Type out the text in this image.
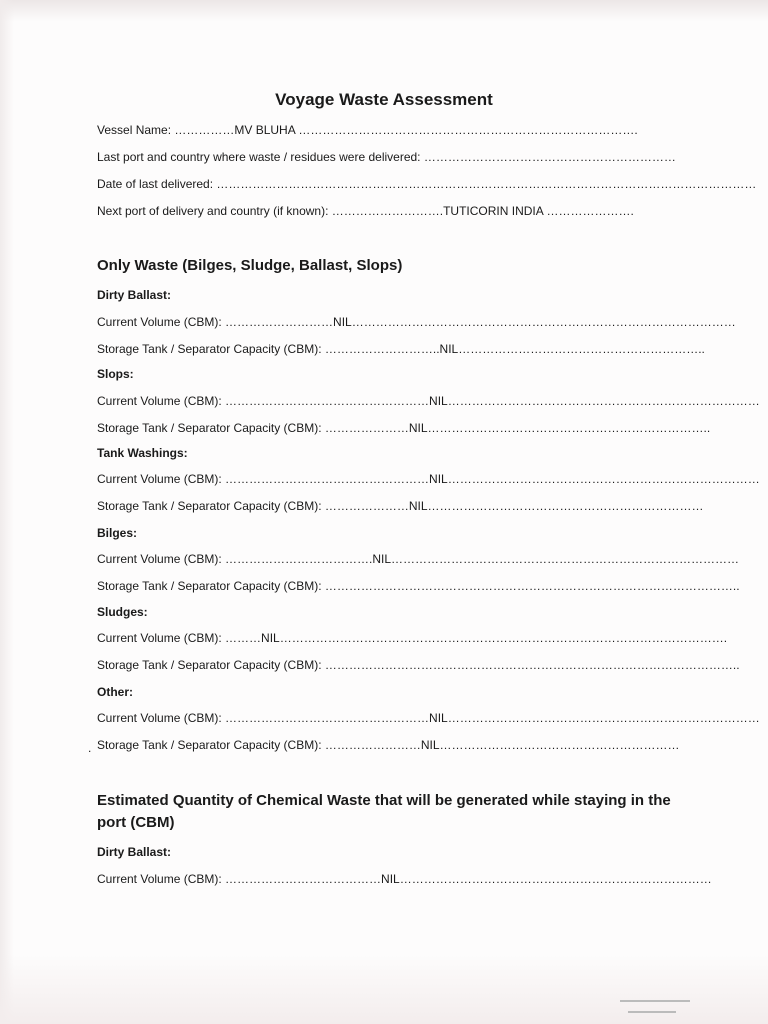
Voyage Waste Assessment
Vessel Name: ……………MV BLUHA ………………………………………………………………………….
Last port and country where waste / residues were delivered: ………………………………………………………
Date of last delivered: ………………………………………………………………………………………………………………………
Next port of delivery and country (if known): ……………………….TUTICORIN INDIA ………………….
Only Waste (Bilges, Sludge, Ballast, Slops)
Dirty Ballast:
Current Volume (CBM): ………………………NIL……………………………………………………………………………………
Storage Tank / Separator Capacity (CBM): ………………………..NIL……………………………………………………..
Slops:
Current Volume (CBM): ……………………………………………NIL……………………………………………………………………
Storage Tank / Separator Capacity (CBM): …………………NIL……………………………………………………………..
Tank Washings:
Current Volume (CBM): ……………………………………………NIL……………………………………………………………………
Storage Tank / Separator Capacity (CBM): …………………NIL……………………………………………………………
Bilges:
Current Volume (CBM): ……………………………….NIL……………………………………………………………………………
Storage Tank / Separator Capacity (CBM): …………………………………………………………………………………………..
Sludges:
Current Volume (CBM): ………NIL………………………………………………………………………………………………….
Storage Tank / Separator Capacity (CBM): …………………………………………………………………………………………..
Other:
Current Volume (CBM): ……………………………………………NIL……………………………………………………………………
. Storage Tank / Separator Capacity (CBM): ……………………NIL……………………………………………………
Estimated Quantity of Chemical Waste that will be generated while staying in the port (CBM)
Dirty Ballast:
Current Volume (CBM): …………………………………NIL……………………………………………………………………
